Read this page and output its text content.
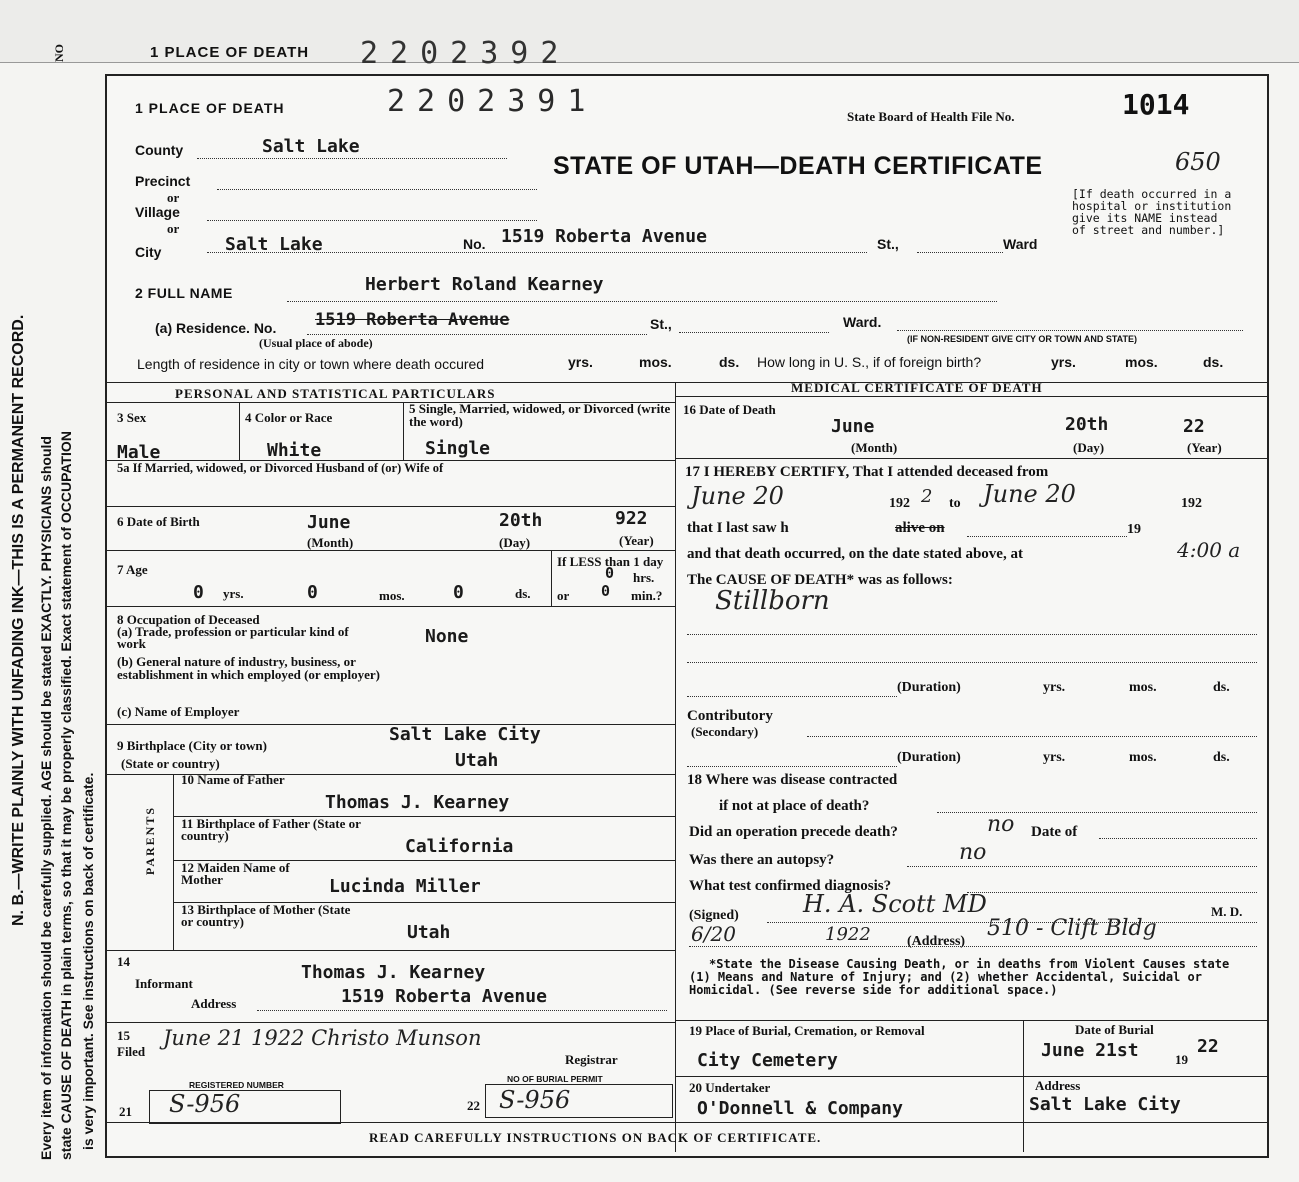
NO	1 PLACE OF DEATH 2202392
N. B.—WRITE PLAINLY WITH UNFADING INK—THIS IS A PERMANENT RECORD. Every item of information should be carefully supplied. AGE should be stated EXACTLY. PHYSICIANS should state CAUSE OF DEATH in plain terms, so that it may be properly classified. Exact statement of OCCUPATION is very important. See instructions on back of certificate.
1 PLACE OF DEATH	2202391	State Board of Health File No.	1014
STATE OF UTAH—DEATH CERTIFICATE	650
[If death occurred in a hospital or institution give its NAME instead of street and number.]
County	Salt Lake
Precinct
or
Village
or
City	Salt Lake	No. 1519 Roberta Avenue	St.,	Ward
2 FULL NAME	Herbert Roland Kearney
(a) Residence. No. 1519 Roberta Avenue	St.,	Ward.
(Usual place of abode)	(IF NON-RESIDENT GIVE CITY OR TOWN AND STATE)
Length of residence in city or town where death occured	yrs.	mos.	ds. How long in U. S., if of foreign birth?	yrs.	mos.	ds.
PERSONAL AND STATISTICAL PARTICULARS
3 Sex
Male
4 Color or Race
White
5 Single, Married, widowed, or Divorced (write the word)
Single
5a If Married, widowed, or Divorced Husband of (or) Wife of
6 Date of Birth	June	20th	922
(Month)	(Day)	(Year)
7 Age
0 yrs.	0	mos.	0	ds.
If LESS than 1 day
0 hrs.
or 0 min.?
8 Occupation of Deceased
(a) Trade, profession or particular kind of work	None
(b) General nature of industry, business, or establishment in which employed (or employer)
(c) Name of Employer
9 Birthplace (City or town)
Salt Lake City
(State or country)	Utah
PARENTS
10 Name of Father
Thomas J. Kearney
11 Birthplace of Father (State or country)
California
12 Maiden Name of Mother	Lucinda Miller
13 Birthplace of Mother (State or country)
Utah
14
Informant
Thomas J. Kearney
Address	1519 Roberta Avenue
15
Filed
June 21 1922 Christo Munson
Registrar
REGISTERED NUMBER
NO OF BURIAL PERMIT
21 S-956	22 S-956
MEDICAL CERTIFICATE OF DEATH
16 Date of Death
June	20th	22
(Month)	(Day)	(Year)
17 I HEREBY CERTIFY, That I attended deceased from
June 20	192 2 to June 20	192
that I last saw h	alive on	19
and that death occurred, on the date stated above, at	4:00 a
The CAUSE OF DEATH* was as follows:
Stillborn
(Duration)	yrs.	mos.	ds.
Contributory
(Secondary)
(Duration)	yrs.	mos.	ds.
18 Where was disease contracted
if not at place of death?
Did an operation precede death?	no Date of
Was there an autopsy?	no
What test confirmed diagnosis?
(Signed)	H. A. Scott MD	M. D.
6/20	1922	(Address)
510 - Clift Bldg
*State the Disease Causing Death, or in deaths from Violent Causes state (1) Means and Nature of Injury; and (2) whether Accidental, Suicidal or Homicidal. (See reverse side for additional space.)
19 Place of Burial, Cremation, or Removal
City Cemetery
Date of Burial
June 21st	19
22
20 Undertaker
O'Donnell & Company
Address
Salt Lake City
READ CAREFULLY INSTRUCTIONS ON BACK OF CERTIFICATE.
